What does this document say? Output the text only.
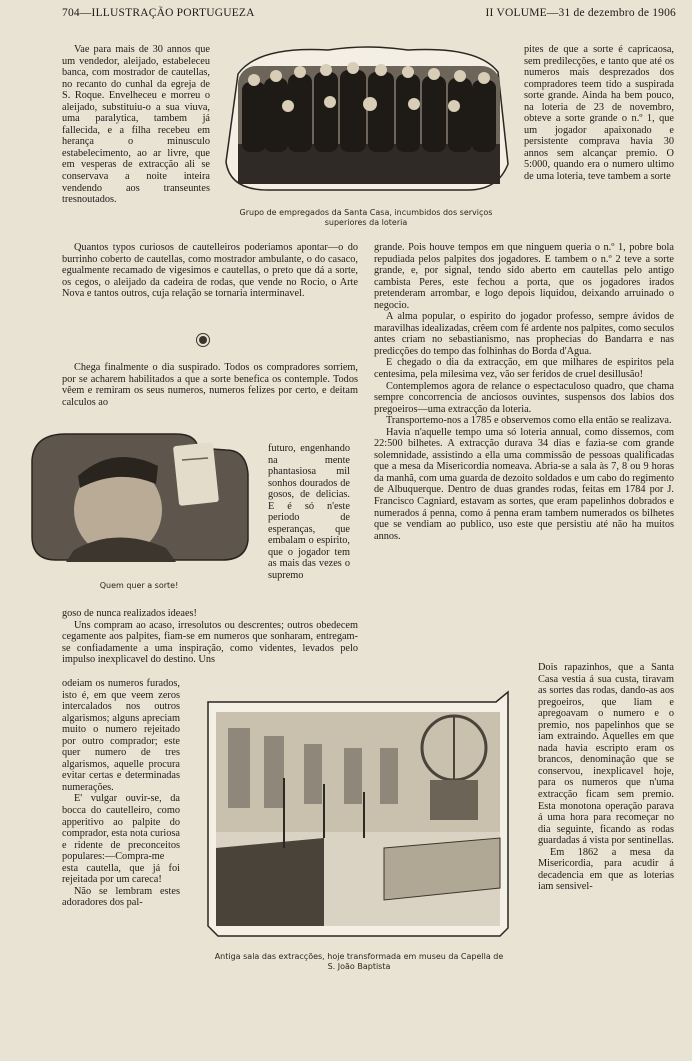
704—ILLUSTRAÇÃO PORTUGUEZA	II VOLUME—31 de dezembro de 1906
Grupo de empregados da Santa Casa, incumbidos dos serviços superiores da loteria

Vae para mais de 30 annos que um vendedor, aleijado, estabeleceu banca, com mostrador de cautellas, no recanto do cunhal da egreja de S. Roque. Envelheceu e morreu o aleijado, substituiu-o a sua viuva, uma paralytica, tambem já fallecida, e a filha recebeu em herança o minusculo estabelecimento, ao ar livre, que em vesperas de extracção ali se conservava a noite inteira vendendo aos transeuntes tresnoutados.

Quantos typos curiosos de cautelleiros poderiamos apontar—o do burrinho coberto de cautellas, como mostrador ambulante, o do casaco, egualmente recamado de vigesimos e cautellas, o preto que dá a sorte, os cegos, o aleijado da cadeira de rodas, que vende no Rocio, o Arte Nova e tantos outros, cuja relação se tornaria interminavel.

Chega finalmente o dia suspirado. Todos os compradores sorriem, por se acharem habilitados a que a sorte benefica os contemple. Todos vêem e remiram os seus numeros, numeros felizes por certo, e deitam calculos ao

Quem quer a sorte!

futuro, engenhando na mente phantasiosa mil sonhos dourados de gosos, de delicias. E é só n'este periodo de esperanças, que embalam o espirito, que o jogador tem as mais das vezes o supremo

goso de nunca realizados ideaes!

Uns compram ao acaso, irresolutos ou descrentes; outros obedecem cegamente aos palpites, fiam-se em numeros que sonharam, entregam-se confiadamente a uma inspiração, como videntes, levados pelo impulso inexplicavel do destino. Uns

odeiam os numeros furados, isto é, em que veem zeros intercalados nos outros algarismos; alguns apreciam muito o numero rejeitado por outro comprador; este quer numero de tres algarismos, aquelle procura evitar certas e determinadas numerações.

E' vulgar ouvir-se, da bocca do cautelleiro, como apperitivo ao palpite do comprador, esta nota curiosa e ridente de preconceitos populares:—Compra-me esta cautella, que já foi rejeitada por um careca!

Não se lembram estes adoradores dos pal-

pites de que a sorte é capricaosa, sem predilecções, e tanto que até os numeros mais desprezados dos compradores teem tido a suspirada sorte grande. Ainda ha bem pouco, na loteria de 23 de novembro, obteve a sorte grande o n.º 1, que um jogador apaixonado e persistente comprava havia 30 annos sem alcançar premio. O 5:000, quando era o numero ultimo de uma loteria, teve tambem a sorte

grande. Pois houve tempos em que ninguem queria o n.º 1, pobre bola repudiada pelos palpites dos jogadores. E tambem o n.º 2 teve a sorte grande, e, por signal, tendo sido aberto em cautellas pelo antigo cambista Peres, este fechou a porta, que os jogadores irados pretenderam arrombar, e logo depois liquidou, deixando arruinado o negocio.

A alma popular, o espirito do jogador professo, sempre ávidos de maravilhas idealizadas, crêem com fé ardente nos palpites, como seculos antes criam no sebastianismo, nas prophecias do Bandarra e nas predicções do tempo das folhinhas do Borda d'Agua.

E chegado o dia da extracção, em que milhares de espiritos pela centesima, pela milesima vez, vão ser feridos de cruel desillusão!

Contemplemos agora de relance o espectaculoso quadro, que chama sempre concorrencia de anciosos ouvintes, suspensos dos labios dos pregoeiros—uma extracção da loteria.

Transportemo-nos a 1785 e observemos como ella então se realizava.

Havia n'aquelle tempo uma só loteria annual, como dissemos, com 22:500 bilhetes. A extracção durava 34 dias e fazia-se com grande solemnidade, assistindo a ella uma commissão de pessoas qualificadas que a mesa da Misericordia nomeava. Abria-se a sala às 7, 8 ou 9 horas da manhã, com uma guarda de dezoito soldados e um cabo do regimento de Albuquerque. Dentro de duas grandes rodas, feitas em 1784 por J. Francisco Cagniard, estavam as sortes, que eram papelinhos dobrados e numerados á penna, como á penna eram tambem numerados os bilhetes que se vendiam ao publico, uso este que persistiu até não ha muitos annos.

Antiga sala das extracções, hoje transformada em museu da Capella de S. João Baptista

Dois rapazinhos, que a Santa Casa vestia á sua custa, tiravam as sortes das rodas, dando-as aos pregoeiros, que liam e apregoavam o numero e o premio, nos papelinhos que se iam extraindo. Aquelles em que nada havia escripto eram os brancos, denominação que se conservou, inexplicavel hoje, para os numeros que n'uma extracção ficam sem premio. Esta monotona operação parava á uma hora para recomeçar no dia seguinte, ficando as rodas guardadas á vista por sentinellas.

Em 1862 a mesa da Misericordia, para acudir á decadencia em que as loterias iam sensivel-
